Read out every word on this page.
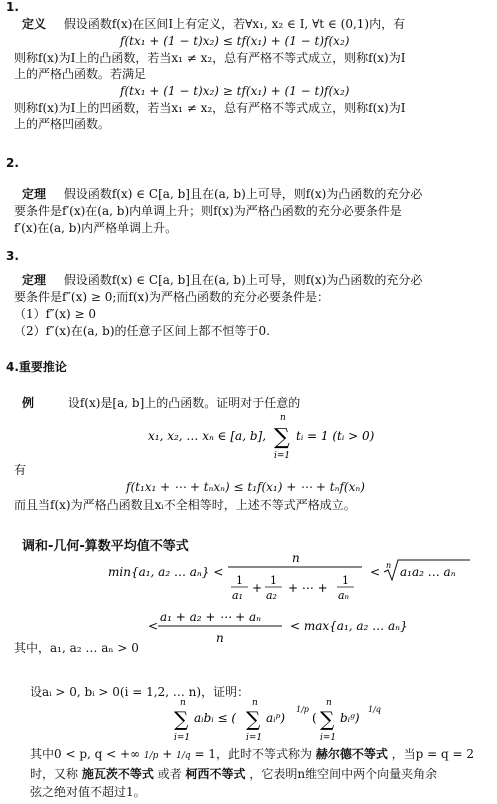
1.
定义 假设函数f(x)在区间I上有定义，若∀x₁, x₂ ∈ I, ∀t ∈ (0,1)内，有
f(tx₁ + (1 − t)x₂) ≤ tf(x₁) + (1 − t)f(x₂)
则称f(x)为I上的凸函数，若当x₁ ≠ x₂，总有严格不等式成立，则称f(x)为I
上的严格凸函数。若满足
f(tx₁ + (1 − t)x₂) ≥ tf(x₁) + (1 − t)f(x₂)
则称f(x)为I上的凹函数，若当x₁ ≠ x₂，总有严格不等式成立，则称f(x)为I
上的严格凹函数。
2.
定理 假设函数f(x) ∈ C[a, b]且在(a, b)上可导，则f(x)为凸函数的充分必
要条件是f′(x)在(a, b)内单调上升；则f(x)为严格凸函数的充分必要条件是
f′(x)在(a, b)内严格单调上升。
3.
定理 假设函数f(x) ∈ C[a, b]且在(a, b)上可导，则f(x)为凸函数的充分必
要条件是f″(x) ≥ 0;而f(x)为严格凸函数的充分必要条件是：
（1）f″(x) ≥ 0
（2）f″(x)在(a, b)的任意子区间上都不恒等于0.
4.重要推论
例	设f(x)是[a, b]上的凸函数。证明对于任意的
x₁, x₂, … xₙ ∈ [a, b],
n
∑
i=1
tᵢ = 1 (tᵢ > 0)
有
f(t₁x₁ + ⋯ + tₙxₙ) ≤ t₁f(x₁) + ⋯ + tₙf(xₙ)
而且当f(x)为严格凸函数且xᵢ不全相等时，上述不等式严格成立。
调和-几何-算数平均值不等式
min{a₁, a₂ … aₙ} <
n
1
a₁
+
1
a₂
+ ⋯ +
1
aₙ
< n a₁a₂ … aₙ
<
a₁ + a₂ + ⋯ + aₙ
n
< max{a₁, a₂ … aₙ}
其中，a₁, a₂ … aₙ > 0
设aᵢ > 0, bᵢ > 0(i = 1,2, … n)，证明：
n
∑
i=1
aᵢbᵢ ≤ (
n
∑
i=1
aᵢᵖ)
1/p
(
n
∑
i=1
bᵢᵍ)
1/q
其中0 < p, q < +∞ 1/p + 1/q = 1，此时不等式称为 赫尔德不等式 ，当p = q = 2
时，又称 施瓦茨不等式 或者 柯西不等式 ，它表明n维空间中两个向量夹角余
弦之绝对值不超过1。
